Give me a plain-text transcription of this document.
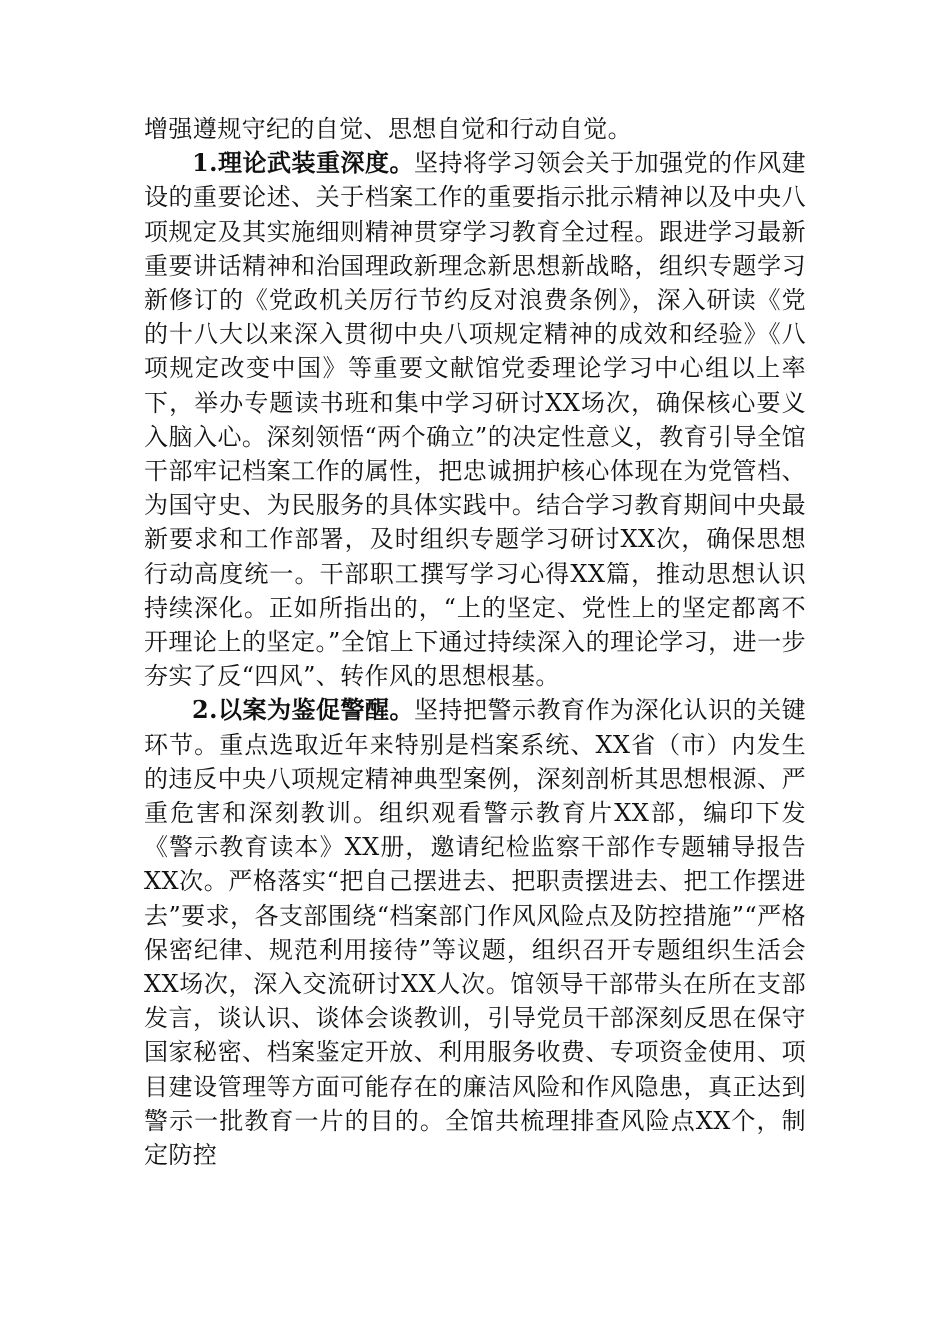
增强遵规守纪的自觉、思想自觉和行动自觉。

1.理论武装重深度。坚持将学习领会关于加强党的作风建设的重要论述、关于档案工作的重要指示批示精神以及中央八项规定及其实施细则精神贯穿学习教育全过程。跟进学习最新重要讲话精神和治国理政新理念新思想新战略，组织专题学习新修订的《党政机关厉行节约反对浪费条例》，深入研读《党的十八大以来深入贯彻中央八项规定精神的成效和经验》《八项规定改变中国》等重要文献馆党委理论学习中心组以上率下，举办专题读书班和集中学习研讨XX场次，确保核心要义入脑入心。深刻领悟“两个确立”的决定性意义，教育引导全馆干部牢记档案工作的属性，把忠诚拥护核心体现在为党管档、为国守史、为民服务的具体实践中。结合学习教育期间中央最新要求和工作部署，及时组织专题学习研讨XX次，确保思想行动高度统一。干部职工撰写学习心得XX篇，推动思想认识持续深化。正如所指出的，“上的坚定、党性上的坚定都离不开理论上的坚定。”全馆上下通过持续深入的理论学习，进一步夯实了反“四风”、转作风的思想根基。

2.以案为鉴促警醒。坚持把警示教育作为深化认识的关键环节。重点选取近年来特别是档案系统、XX省（市）内发生的违反中央八项规定精神典型案例，深刻剖析其思想根源、严重危害和深刻教训。组织观看警示教育片XX部，编印下发《警示教育读本》XX册，邀请纪检监察干部作专题辅导报告XX次。严格落实“把自己摆进去、把职责摆进去、把工作摆进去”要求，各支部围绕“档案部门作风风险点及防控措施”“严格保密纪律、规范利用接待”等议题，组织召开专题组织生活会XX场次，深入交流研讨XX人次。馆领导干部带头在所在支部发言，谈认识、谈体会谈教训，引导党员干部深刻反思在保守国家秘密、档案鉴定开放、利用服务收费、专项资金使用、项目建设管理等方面可能存在的廉洁风险和作风隐患，真正达到警示一批教育一片的目的。全馆共梳理排查风险点XX个，制定防控
